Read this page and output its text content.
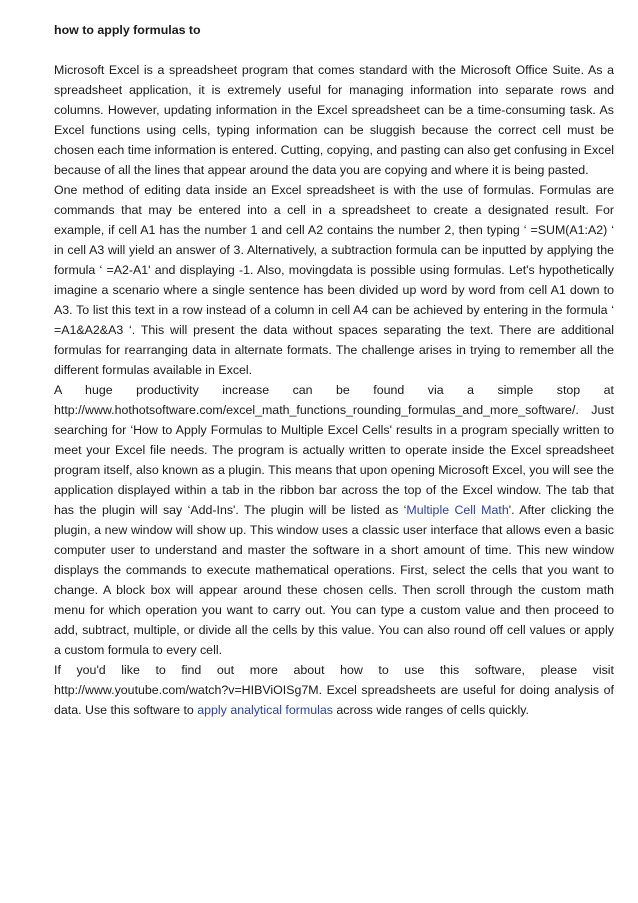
how to apply formulas to

Microsoft Excel is a spreadsheet program that comes standard with the Microsoft Office Suite. As a spreadsheet application, it is extremely useful for managing information into separate rows and columns. However, updating information in the Excel spreadsheet can be a time-consuming task. As Excel functions using cells, typing information can be sluggish because the correct cell must be chosen each time information is entered. Cutting, copying, and pasting can also get confusing in Excel because of all the lines that appear around the data you are copying and where it is being pasted.

One method of editing data inside an Excel spreadsheet is with the use of formulas. Formulas are commands that may be entered into a cell in a spreadsheet to create a designated result. For example, if cell A1 has the number 1 and cell A2 contains the number 2, then typing ‘ =SUM(A1:A2) ‘ in cell A3 will yield an answer of 3. Alternatively, a subtraction formula can be inputted by applying the formula ‘ =A2-A1' and displaying -1. Also, movingdata is possible using formulas. Let's hypothetically imagine a scenario where a single sentence has been divided up word by word from cell A1 down to A3. To list this text in a row instead of a column in cell A4 can be achieved by entering in the formula ‘ =A1&A2&A3 ‘. This will present the data without spaces separating the text. There are additional formulas for rearranging data in alternate formats. The challenge arises in trying to remember all the different formulas available in Excel.

A huge productivity increase can be found via a simple stop at http://www.hothotsoftware.com/excel_math_functions_rounding_formulas_and_more_software/. Just searching for ‘How to Apply Formulas to Multiple Excel Cells' results in a program specially written to meet your Excel file needs. The program is actually written to operate inside the Excel spreadsheet program itself, also known as a plugin. This means that upon opening Microsoft Excel, you will see the application displayed within a tab in the ribbon bar across the top of the Excel window. The tab that has the plugin will say ‘Add-Ins'. The plugin will be listed as ‘Multiple Cell Math'. After clicking the plugin, a new window will show up. This window uses a classic user interface that allows even a basic computer user to understand and master the software in a short amount of time. This new window displays the commands to execute mathematical operations. First, select the cells that you want to change. A block box will appear around these chosen cells. Then scroll through the custom math menu for which operation you want to carry out. You can type a custom value and then proceed to add, subtract, multiple, or divide all the cells by this value. You can also round off cell values or apply a custom formula to every cell.

If you'd like to find out more about how to use this software, please visit http://www.youtube.com/watch?v=HIBViOISg7M. Excel spreadsheets are useful for doing analysis of data. Use this software to apply analytical formulas across wide ranges of cells quickly.
